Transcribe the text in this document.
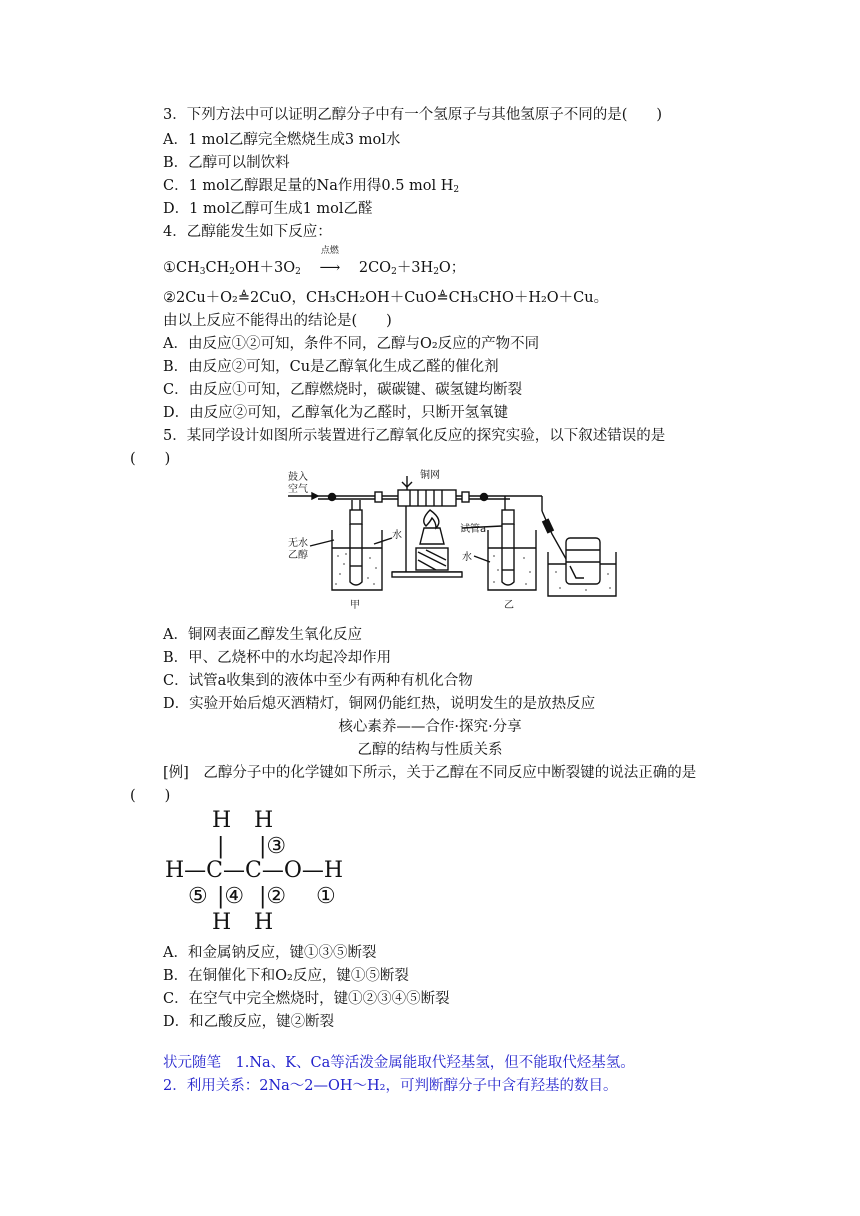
3．下列方法中可以证明乙醇分子中有一个氢原子与其他氢原子不同的是(　　)
A．1 mol乙醇完全燃烧生成3 mol水
B．乙醇可以制饮料
C．1 mol乙醇跟足量的Na作用得0.5 mol $H_2$
D．1 mol乙醇可生成1 mol乙醛
4．乙醇能发生如下反应：
$①CH_3CH_2OH+3O_2$
点燃
⟶ $2CO_2+3H_2O$；
②2Cu＋O₂≜2CuO，CH₃CH₂OH＋CuO≜CH₃CHO＋H₂O＋Cu。
由以上反应不能得出的结论是(　　)
A．由反应①②可知，条件不同，乙醇与O₂反应的产物不同
B．由反应②可知，Cu是乙醇氧化生成乙醛的催化剂
C．由反应①可知，乙醇燃烧时，碳碳键、碳氢键均断裂
D．由反应②可知，乙醇氧化为乙醛时，只断开氢氧键
5．某同学设计如图所示装置进行乙醇氧化反应的探究实验，以下叙述错误的是
(　　)
鼓入
空气
铜网
试管a
水
水
无水
乙醇
甲	乙
A．铜网表面乙醇发生氧化反应
B．甲、乙烧杯中的水均起冷却作用
C．试管a收集到的液体中至少有两种有机化合物
D．实验开始后熄灭酒精灯，铜网仍能红热，说明发生的是放热反应
核心素养——合作·探究·分享
乙醇的结构与性质关系
[例]　乙醇分子中的化学键如下所示，关于乙醇在不同反应中断裂键的说法正确的是
(　　)
H H
| |③
H—C—C—O—H
⑤ |④ |② ①
H H
A．和金属钠反应，键①③⑤断裂
B．在铜催化下和O₂反应，键①⑤断裂
C．在空气中完全燃烧时，键①②③④⑤断裂
D．和乙酸反应，键②断裂
状元随笔　1.Na、K、Ca等活泼金属能取代羟基氢，但不能取代烃基氢。
2．利用关系：2Na～2—OH～H₂，可判断醇分子中含有羟基的数目。
